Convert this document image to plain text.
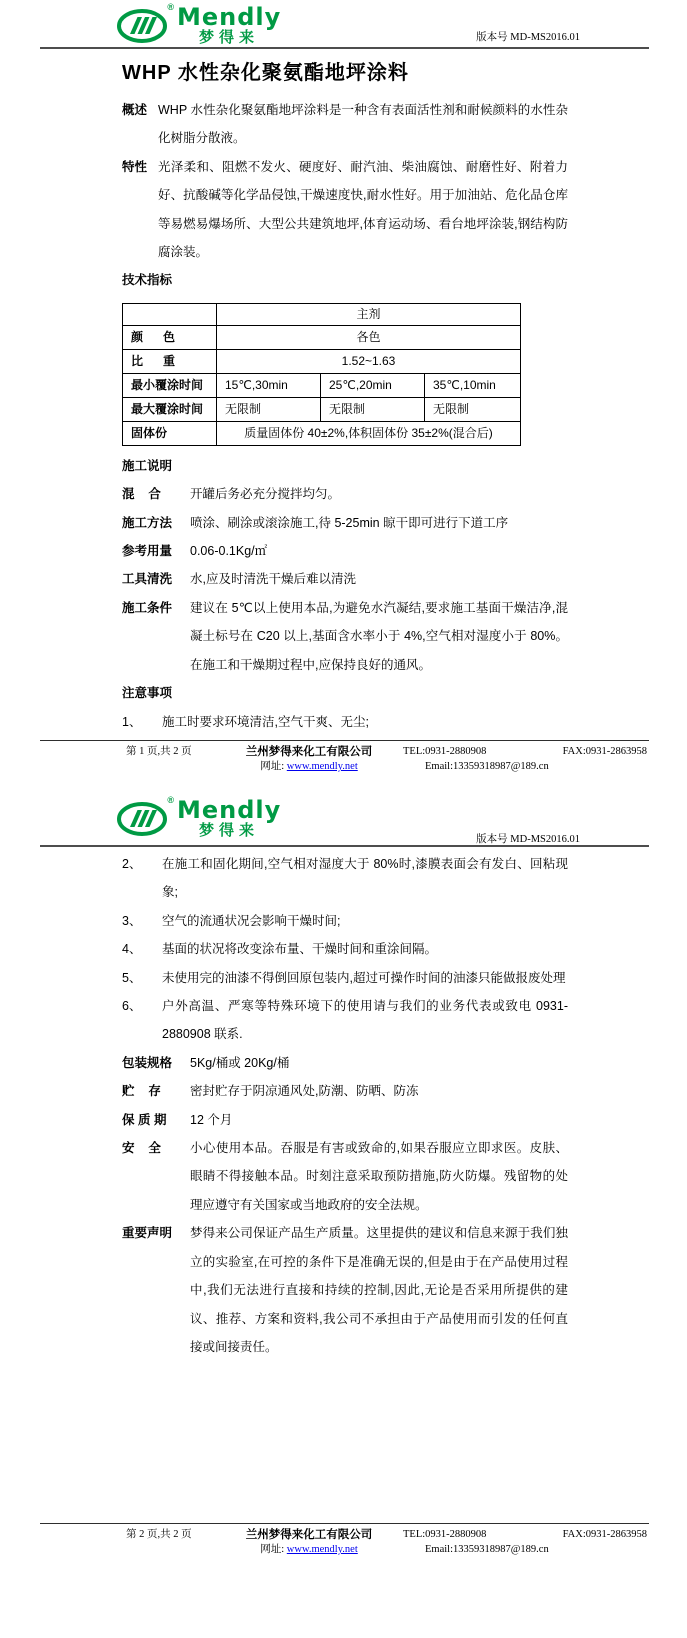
® Mendly
梦得来	版本号 MD-MS2016.01
WHP 水性杂化聚氨酯地坪涂料
概述 WHP 水性杂化聚氨酯地坪涂料是一种含有表面活性剂和耐候颜料的水性杂化树脂分散液。
特性 光泽柔和、阻燃不发火、硬度好、耐汽油、柴油腐蚀、耐磨性好、附着力好、抗酸碱等化学品侵蚀,干燥速度快,耐水性好。用于加油站、危化品仓库等易燃易爆场所、大型公共建筑地坪,体育运动场、看台地坪涂装,钢结构防腐涂装。
技术指标
	主剂		
颜      色	各色		
比      重	1.52~1.63		
最小覆涂时间	15℃,30min	25℃,20min	35℃,10min
最大覆涂时间	无限制	无限制	无限制
固体份	质量固体份 40±2%,体积固体份 35±2%(混合后)		
施工说明
混    合	开罐后务必充分搅拌均匀。
施工方法	喷涂、刷涂或滚涂施工,待 5-25min 晾干即可进行下道工序
参考用量	0.06-0.1Kg/㎡
工具清洗	水,应及时清洗干燥后难以清洗
施工条件	建议在 5℃以上使用本品,为避免水汽凝结,要求施工基面干燥洁净,混凝土标号在 C20 以上,基面含水率小于 4%,空气相对湿度小于 80%。在施工和干燥期过程中,应保持良好的通风。
注意事项
1、	施工时要求环境清洁,空气干爽、无尘;
第 1 页,共 2 页	兰州梦得来化工有限公司
网址: www.mendly.net
TEL:0931-2880908	FAX:0931-2863958
Email:13359318987@189.cn
® Mendly
梦得来
版本号 MD-MS2016.01
2、	在施工和固化期间,空气相对湿度大于 80%时,漆膜表面会有发白、回粘现象;
3、	空气的流通状况会影响干燥时间;
4、	基面的状况将改变涂布量、干燥时间和重涂间隔。
5、	未使用完的油漆不得倒回原包装内,超过可操作时间的油漆只能做报废处理
6、	户外高温、严寒等特殊环境下的使用请与我们的业务代表或致电 0931-2880908 联系.
包装规格	5Kg/桶或 20Kg/桶
贮    存	密封贮存于阴凉通风处,防潮、防晒、防冻
保 质 期	12 个月
安    全	小心使用本品。吞服是有害或致命的,如果吞服应立即求医。皮肤、眼睛不得接触本品。时刻注意采取预防措施,防火防爆。残留物的处理应遵守有关国家或当地政府的安全法规。
重要声明	梦得来公司保证产品生产质量。这里提供的建议和信息来源于我们独立的实验室,在可控的条件下是准确无误的,但是由于在产品使用过程中,我们无法进行直接和持续的控制,因此,无论是否采用所提供的建议、推荐、方案和资料,我公司不承担由于产品使用而引发的任何直接或间接责任。
第 2 页,共 2 页	兰州梦得来化工有限公司
网址: www.mendly.net
TEL:0931-2880908	FAX:0931-2863958
Email:13359318987@189.cn
